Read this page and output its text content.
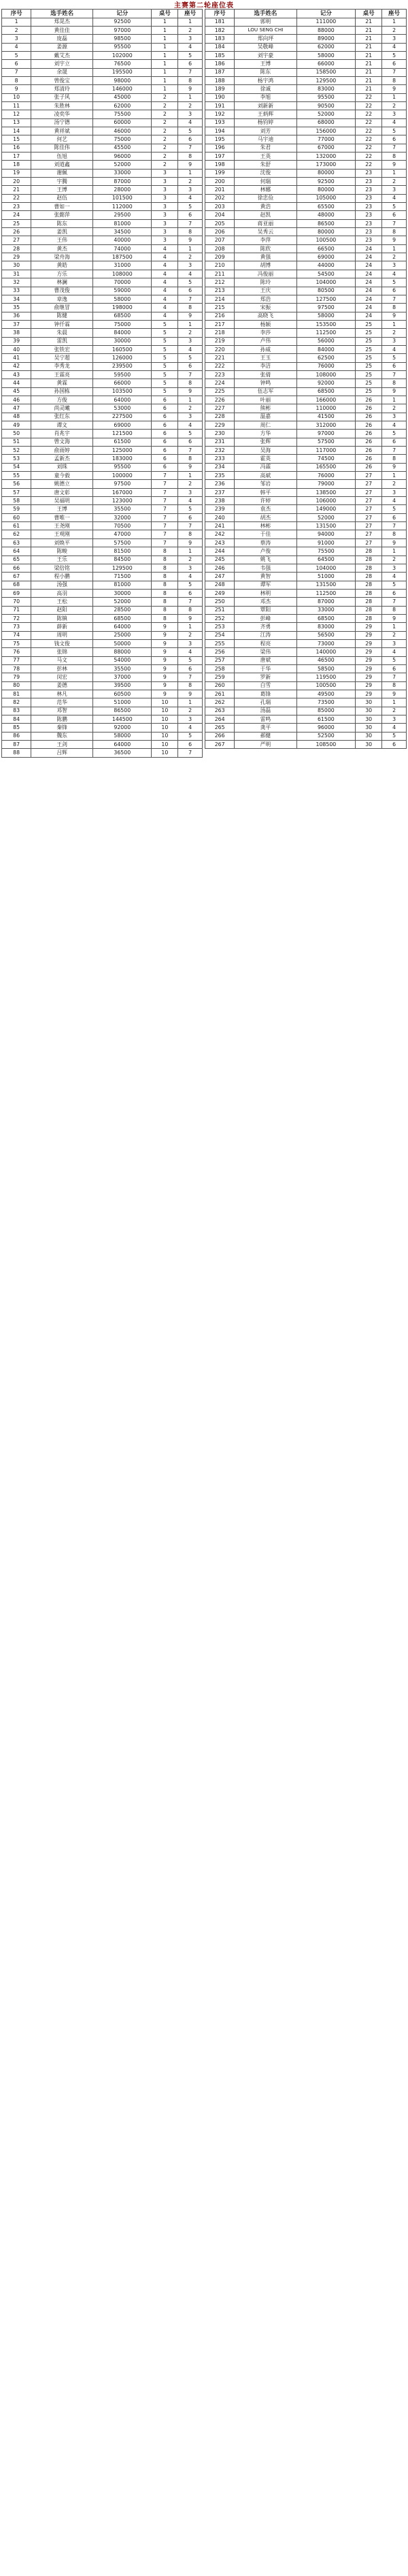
主赛第二轮座位表
序号	选手姓名	记分	桌号	座号
1	郑晃杰	92500	1	1
2	黄佳佳	97000	1	2
3	庞磊	98500	1	3
4	姜源	95500	1	4
5	戴艾杰	102000	1	5
6	刘宇立	76500	1	6
7	余晟	195500	1	7
8	曾俊宝	98000	1	8
9	郑清玲	146000	1	9
10	张子风	45000	2	1
11	朱胜林	62000	2	2
12	凌奕华	75500	2	3
13	汤宁德	60000	2	4
14	黄祥斌	46000	2	5
15	何艺	75000	2	6
16	陈佳伟	45500	2	7
17	伍旭	96000	2	8
18	刘道鑫	52000	2	9
19	谢佩	33000	3	1
20	宇腾	87000	3	2
21	王博	28000	3	3
22	赵伍	101500	3	4
23	曹如一	112000	3	5
24	张懿萍	29500	3	6
25	陈东	81000	3	7
26	姜凯	34500	3	8
27	王伟	40000	3	9
28	黄杰	74000	4	1
29	梁舟海	187500	4	2
30	黄皓	31000	4	3
31	方乐	108000	4	4
32	林澜	70000	4	5
33	曹茂俊	59000	4	6
34	章逸	58000	4	7
35	俞继冒	198000	4	8
36	陈健	68500	4	9
37	钟仟霖	75000	5	1
38	朱晨	84000	5	2
39	雷凯	30000	5	3
40	张铁宏	160500	5	4
41	吴宁超	126000	5	5
42	李秀龙	239500	5	6
43	王霖亮	59500	5	7
44	黄霖	66000	5	8
45	孙国栋	103500	5	9
46	方俊	64000	6	1
47	尚灵曦	53000	6	2
48	张红东	227500	6	3
49	谭文	69000	6	4
50	肖兆宇	121500	6	5
51	曾文海	61500	6	6
52	俞雨婷	125000	6	7
53	孟新杰	183000	6	8
54	刘珠	95500	6	9
55	童今毅	100000	7	1
56	姚德立	97500	7	2
57	唐文彰	167000	7	3
58	吴福明	123000	7	4
59	王博	35500	7	5
60	曹唯一	32000	7	6
61	王尧刚	70500	7	7
62	王观刚	47000	7	8
63	刘焕平	57500	7	9
64	陈畯	81500	8	1
65	王乐	84500	8	2
66	梁倍铭	129500	8	3
67	程小鹏	71500	8	4
68	汤强	81000	8	5
69	高羽	30000	8	6
70	王松	52000	8	7
71	赵阳	28500	8	8
72	陈镇	68500	8	9
73	薛新	64000	9	1
74	周明	25000	9	2
75	钱文俊	50000	9	3
76	张锦	88000	9	4
77	马文	54000	9	5
78	彭林	35500	9	6
79	闵宏	37000	9	7
80	姜德	39500	9	8
81	林凡	60500	9	9
82	范华	51000	10	1
83	邓智	86500	10	2
84	陈鹏	144500	10	3
85	秦锋	92000	10	4
86	魏东	58000	10	5
87	王剑	64000	10	6
88	吕辉	36500	10	7
序号	选手姓名	记分	桌号	座号
181	郭明	111000	21	1
182	LOU SENG CHI	88000	21	2
183	郑向坪	89000	21	3
184	吴敬峰	62000	21	4
185	刘宇豪	58000	21	5
186	王博	66000	21	6
187	陈东	158500	21	7
188	杨宇鸿	129500	21	8
189	徐诚	83000	21	9
190	李旭	95500	22	1
191	刘新新	90500	22	2
192	王炳辉	52000	22	3
193	杨钧婷	68000	22	4
194	刘芳	156000	22	5
195	马宇迪	77000	22	6
196	朱君	67000	22	7
197	王英	132000	22	8
198	朱舒	173000	22	9
199	沈俊	80000	23	1
200	何瑞	92500	23	2
201	林娜	80000	23	3
202	徐忠俭	105000	23	4
203	黄浩	65500	23	5
204	赵凯	48000	23	6
205	蒋亚丽	86500	23	7
206	吴秀云	80000	23	8
207	李萍	100500	23	9
208	陈欣	66500	24	1
209	黄强	69000	24	2
210	胡博	44000	24	3
211	冯俊丽	54500	24	4
212	陈玲	104000	24	5
213	王庆	80500	24	6
214	郑浩	127500	24	7
215	宋振	97500	24	8
216	高晓飞	58000	24	9
217	杨颖	153500	25	1
218	李莎	112500	25	2
219	卢伟	56000	25	3
220	孙威	84000	25	4
221	王玉	62500	25	5
222	李洁	76000	25	6
223	张倩	108000	25	7
224	钟鸣	92000	25	8
225	伍志军	68500	25	9
226	叶丽	166000	26	1
227	熊彬	110000	26	2
228	温嘉	41500	26	3
229	周仁	312000	26	4
230	方华	97000	26	5
231	张辉	57500	26	6
232	吴海	117000	26	7
233	霍英	74500	26	8
234	冯霖	165500	26	9
235	高斌	76000	27	1
236	邹岩	79000	27	2
237	韩平	138500	27	3
238	许婷	106000	27	4
239	袁杰	149000	27	5
240	胡杰	52000	27	6
241	林彬	131500	27	7
242	于佳	94000	27	8
243	蔡涛	91000	27	9
244	卢俊	75500	28	1
245	姚飞	64500	28	2
246	韦强	104000	28	3
247	黄智	51000	28	4
248	谭军	131500	28	5
249	林明	112500	28	6
250	邓杰	87000	28	7
251	覃阳	33000	28	8
252	彭峰	68500	28	9
253	齐勇	83000	29	1
254	江涛	56500	29	2
255	程亮	73000	29	3
256	梁伟	140000	29	4
257	唐斌	46500	29	5
258	于华	58500	29	6
259	罗新	119500	29	7
260	白雪	100500	29	8
261	葛锋	49500	29	9
262	孔瑞	73500	30	1
263	汤磊	85000	30	2
264	雷鸣	61500	30	3
265	龚平	96000	30	4
266	郝健	52500	30	5
267	严明	108500	30	6
